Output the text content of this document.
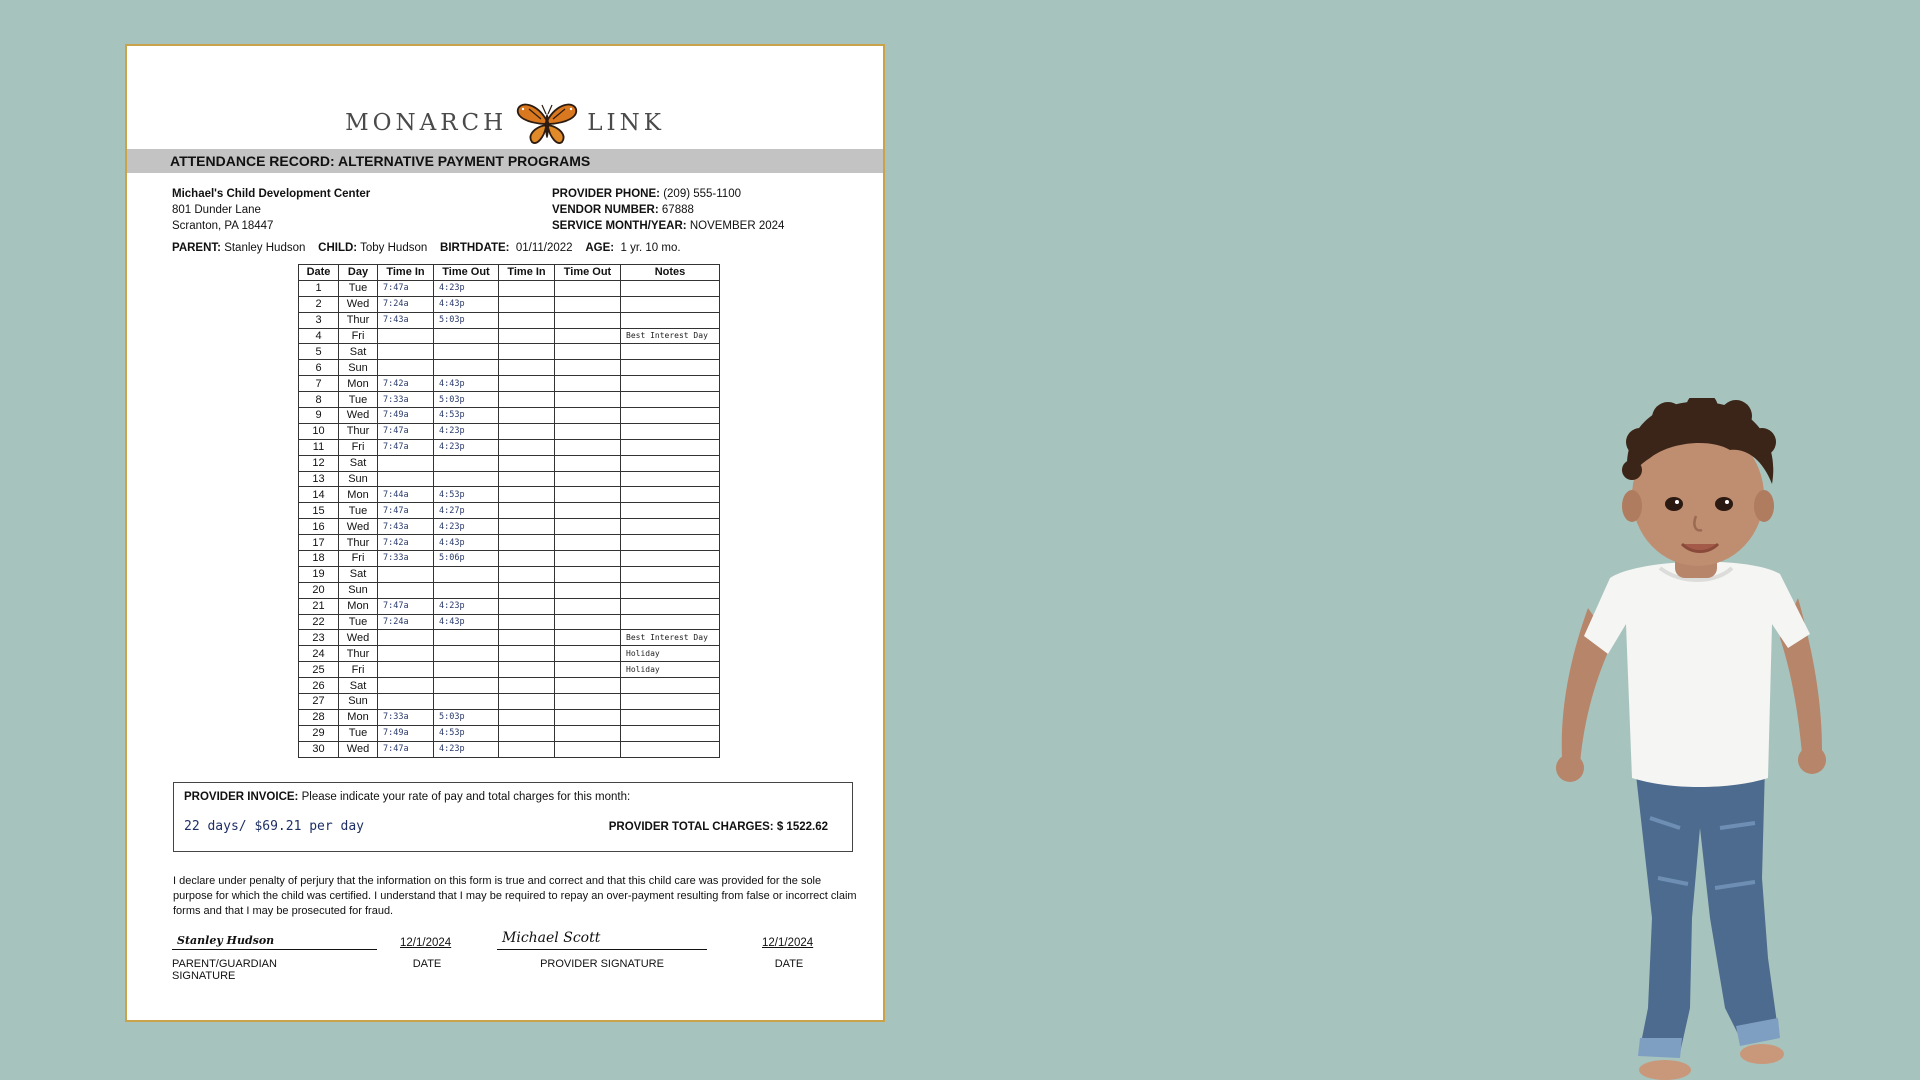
MONARCH	LINK
ATTENDANCE RECORD: ALTERNATIVE PAYMENT PROGRAMS
Michael's Child Development Center
801 Dunder Lane
Scranton, PA 18447
PROVIDER PHONE: (209) 555-1100
VENDOR NUMBER: 67888
SERVICE MONTH/YEAR: NOVEMBER 2024
PARENT: Stanley Hudson CHILD: Toby Hudson BIRTHDATE: 01/11/2022 AGE: 1 yr. 10 mo.
Date	Day	Time In	Time Out	Time In	Time Out	Notes
1	Tue	7:47a	4:23p			
2	Wed	7:24a	4:43p			
3	Thur	7:43a	5:03p			
4	Fri					Best Interest Day
5	Sat					
6	Sun					
7	Mon	7:42a	4:43p			
8	Tue	7:33a	5:03p			
9	Wed	7:49a	4:53p			
10	Thur	7:47a	4:23p			
11	Fri	7:47a	4:23p			
12	Sat					
13	Sun					
14	Mon	7:44a	4:53p			
15	Tue	7:47a	4:27p			
16	Wed	7:43a	4:23p			
17	Thur	7:42a	4:43p			
18	Fri	7:33a	5:06p			
19	Sat					
20	Sun					
21	Mon	7:47a	4:23p			
22	Tue	7:24a	4:43p			
23	Wed					Best Interest Day
24	Thur					Holiday
25	Fri					Holiday
26	Sat					
27	Sun					
28	Mon	7:33a	5:03p			
29	Tue	7:49a	4:53p			
30	Wed	7:47a	4:23p			
PROVIDER INVOICE: Please indicate your rate of pay and total charges for this month:
22 days/ $69.21 per day	PROVIDER TOTAL CHARGES: $ 1522.62
I declare under penalty of perjury that the information on this form is true and correct and that this child care was provided for the sole purpose for which the child was certified. I understand that I may be required to repay an over-payment resulting from false or incorrect claim forms and that I may be prosecuted for fraud.
Stanley Hudson
PARENT/GUARDIAN SIGNATURE
12/1/2024
DATE
Michael Scott
PROVIDER SIGNATURE
12/1/2024
DATE
